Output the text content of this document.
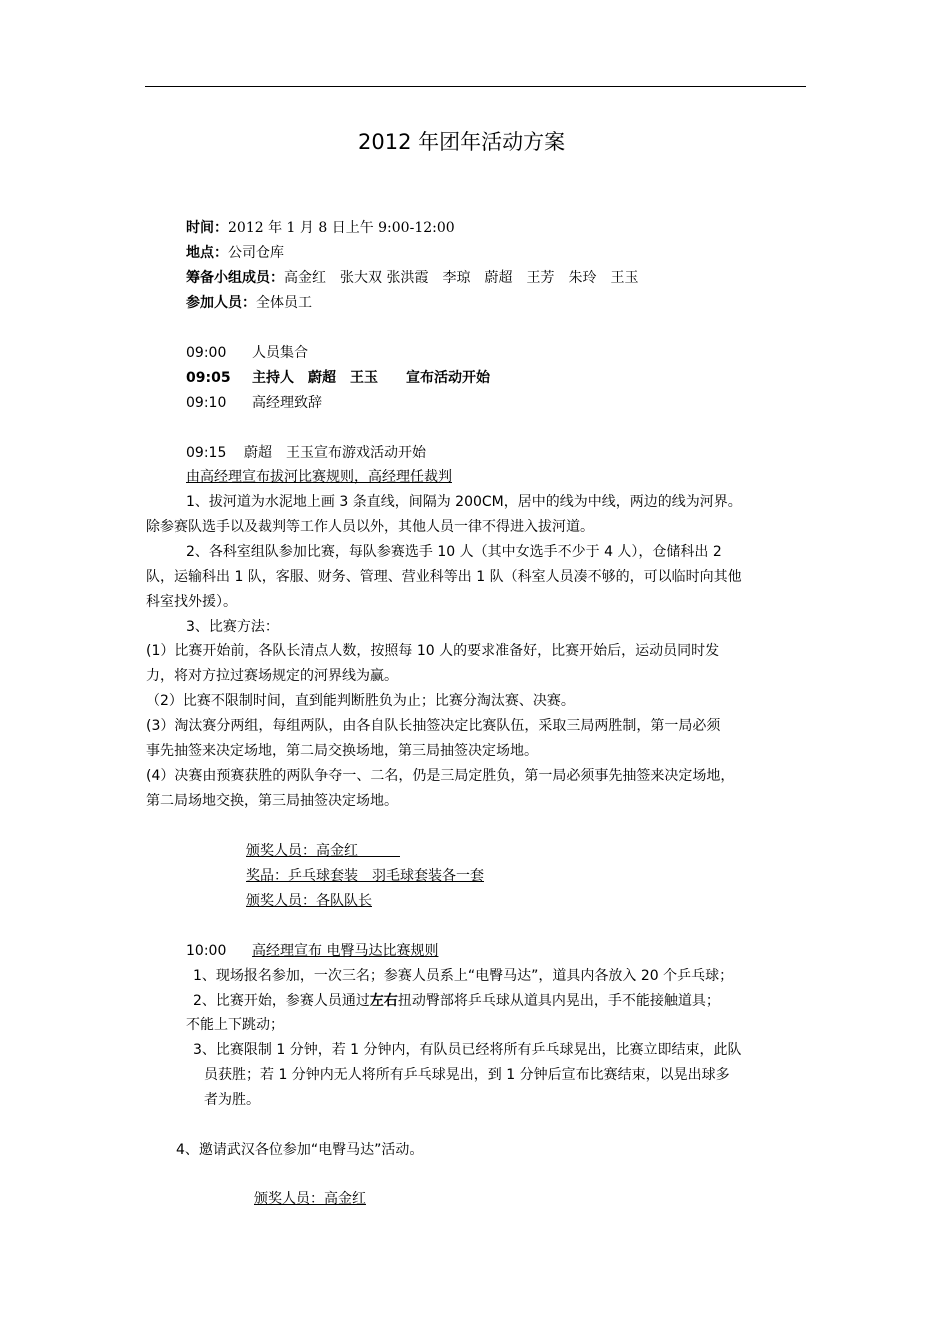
2012 年团年活动方案
时间：2012 年 1 月 8 日上午 9:00-12:00
地点：公司仓库
筹备小组成员：高金红　张大双 张洪霞　李琼　蔚超　王芳　朱玲　王玉
参加人员：全体员工
09:00 人员集合
09:05 主持人　蔚超　王玉　　宣布活动开始
09:10 高经理致辞
09:15 蔚超　王玉宣布游戏活动开始
由高经理宣布拔河比赛规则，高经理任裁判
1、拔河道为水泥地上画 3 条直线，间隔为 200CM，居中的线为中线，两边的线为河界。
除参赛队选手以及裁判等工作人员以外，其他人员一律不得进入拔河道。
2、各科室组队参加比赛，每队参赛选手 10 人（其中女选手不少于 4 人），仓储科出 2
队，运输科出 1 队，客服、财务、管理、营业科等出 1 队（科室人员凑不够的，可以临时向其他
科室找外援）。
3、比赛方法：
(1）比赛开始前，各队长清点人数，按照每 10 人的要求准备好，比赛开始后，运动员同时发
力，将对方拉过赛场规定的河界线为赢。
（2）比赛不限制时间，直到能判断胜负为止；比赛分淘汰赛、决赛。
(3）淘汰赛分两组，每组两队，由各自队长抽签决定比赛队伍，采取三局两胜制，第一局必须
事先抽签来决定场地，第二局交换场地，第三局抽签决定场地。
(4）决赛由预赛获胜的两队争夺一、二名，仍是三局定胜负，第一局必须事先抽签来决定场地，
第二局场地交换，第三局抽签决定场地。
颁奖人员：高金红　　　
奖品：乒乓球套装　羽毛球套装各一套
颁奖人员：各队队长
10:00 高经理宣布 电臀马达比赛规则
1、现场报名参加，一次三名；参赛人员系上“电臀马达”，道具内各放入 20 个乒乓球；
2、比赛开始，参赛人员通过左右扭动臀部将乒乓球从道具内晃出，手不能接触道具；
不能上下跳动；
3、比赛限制 1 分钟，若 1 分钟内，有队员已经将所有乒乓球晃出，比赛立即结束，此队
员获胜；若 1 分钟内无人将所有乒乓球晃出，到 1 分钟后宣布比赛结束，以晃出球多
者为胜。
4、邀请武汉各位参加“电臀马达”活动。
颁奖人员：高金红
